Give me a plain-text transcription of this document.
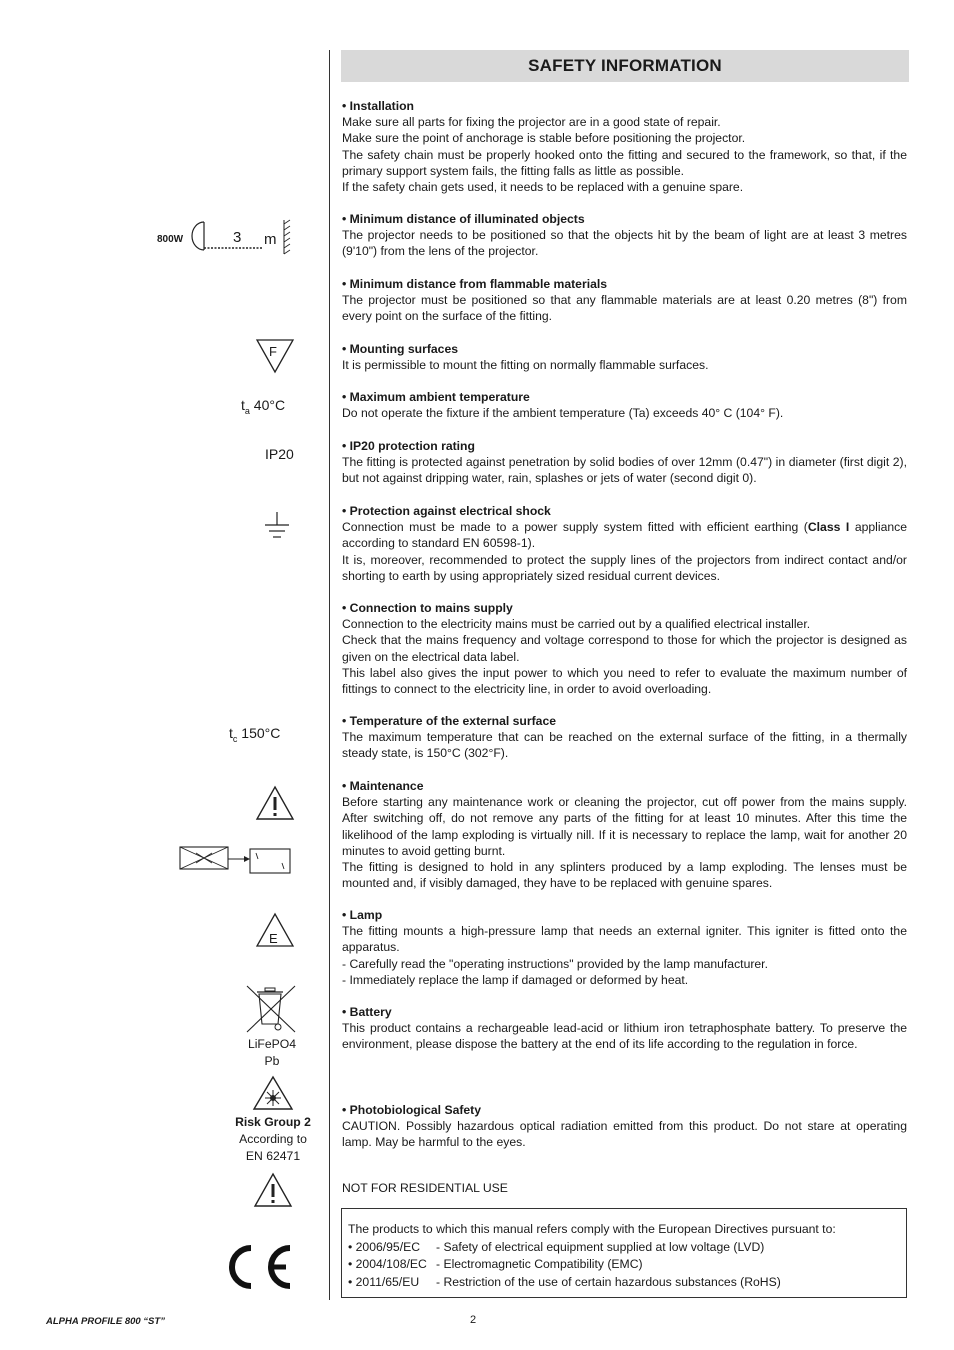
SAFETY INFORMATION
• Installation

Make sure all parts for fixing the projector are in a good state of repair.

Make sure the point of anchorage is stable before positioning the projector.

The safety chain must be properly hooked onto the fitting and secured to the framework, so that, if the primary support system fails, the fitting falls as little as possible.

If the safety chain gets used, it needs to be replaced with a genuine spare.

• Minimum distance of illuminated objects

The projector needs to be positioned so that the objects hit by the beam of light are at least 3 metres (9'10") from the lens of the projector.

• Minimum distance from flammable materials

The projector must be positioned so that any flammable materials are at least 0.20 metres (8") from every point on the surface of the fitting.

• Mounting surfaces

It is permissible to mount the fitting on normally flammable surfaces.

• Maximum ambient temperature

Do not operate the fixture if the ambient temperature (Ta) exceeds 40° C (104° F).

• IP20 protection rating

The fitting is protected against penetration by solid bodies of over 12mm (0.47") in diameter (first digit 2), but not against dripping water, rain, splashes or jets of water (second digit 0).

• Protection against electrical shock

Connection must be made to a power supply system fitted with efficient earthing (Class I appliance according to standard EN 60598-1).

It is, moreover, recommended to protect the supply lines of the projectors from indirect contact and/or shorting to earth by using appropriately sized residual current devices.

• Connection to mains supply

Connection to the electricity mains must be carried out by a qualified electrical installer.

Check that the mains frequency and voltage correspond to those for which the projector is designed as given on the electrical data label.

This label also gives the input power to which you need to refer to evaluate the maximum number of fittings to connect to the electricity line, in order to avoid overloading.

• Temperature of the external surface

The maximum temperature that can be reached on the external surface of the fitting, in a thermally steady state, is 150°C (302°F).

• Maintenance

Before starting any maintenance work or cleaning the projector, cut off power from the mains supply. After switching off, do not remove any parts of the fitting for at least 10 minutes. After this time the likelihood of the lamp exploding is virtually nill. If it is necessary to replace the lamp, wait for another 20 minutes to avoid getting burnt.

The fitting is designed to hold in any splinters produced by a lamp exploding. The lenses must be mounted and, if visibly damaged, they have to be replaced with genuine spares.

• Lamp

The fitting mounts a high-pressure lamp that needs an external igniter. This igniter is fitted onto the apparatus.

- Carefully read the "operating instructions" provided by the lamp manufacturer.

- Immediately replace the lamp if damaged or deformed by heat.

• Battery

This product contains a rechargeable lead-acid or lithium iron tetraphosphate battery. To preserve the environment, please dispose the battery at the end of its life according to the regulation in force.

• Photobiological Safety

CAUTION. Possibly hazardous optical radiation emitted from this product. Do not stare at operating lamp. May be harmful to the eyes.

NOT FOR RESIDENTIAL USE

The products to which this manual refers comply with the European Directives pursuant to:

• 2006/95/EC - Safety of electrical equipment supplied at low voltage (LVD)

• 2004/108/EC - Electromagnetic Compatibility (EMC)

• 2011/65/EU - Restriction of the use of certain hazardous substances (RoHS)

800W	3 m
F
$t_a$ 40°C
IP20
$t_c$ 150°C
E
LiFePO4
Pb
Risk Group 2
According to
EN 62471
ALPHA PROFILE 800 “ST”	2
